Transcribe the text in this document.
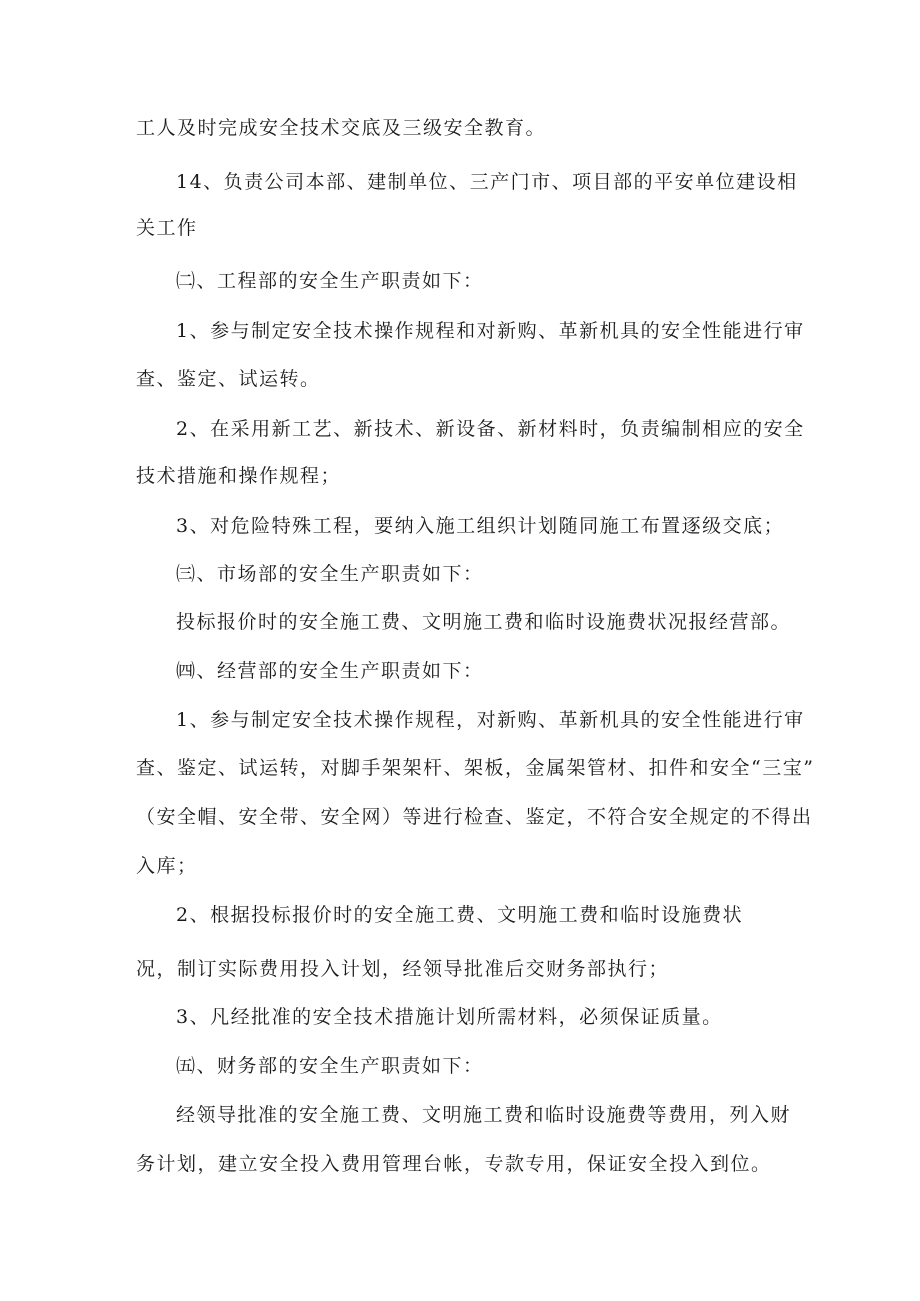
工人及时完成安全技术交底及三级安全教育。
14、负责公司本部、建制单位、三产门市、项目部的平安单位建设相
关工作
㈡、工程部的安全生产职责如下：
1、参与制定安全技术操作规程和对新购、革新机具的安全性能进行审
查、鉴定、试运转。
2、在采用新工艺、新技术、新设备、新材料时，负责编制相应的安全
技术措施和操作规程；
3、对危险特殊工程，要纳入施工组织计划随同施工布置逐级交底；
㈢、市场部的安全生产职责如下：
投标报价时的安全施工费、文明施工费和临时设施费状况报经营部。
㈣、经营部的安全生产职责如下：
1、参与制定安全技术操作规程，对新购、革新机具的安全性能进行审
查、鉴定、试运转，对脚手架架杆、架板，金属架管材、扣件和安全“三宝”
（安全帽、安全带、安全网）等进行检查、鉴定，不符合安全规定的不得出
入库；
2、根据投标报价时的安全施工费、文明施工费和临时设施费状
况，制订实际费用投入计划，经领导批准后交财务部执行；
3、凡经批准的安全技术措施计划所需材料，必须保证质量。
㈤、财务部的安全生产职责如下：
经领导批准的安全施工费、文明施工费和临时设施费等费用，列入财
务计划，建立安全投入费用管理台帐，专款专用，保证安全投入到位。
